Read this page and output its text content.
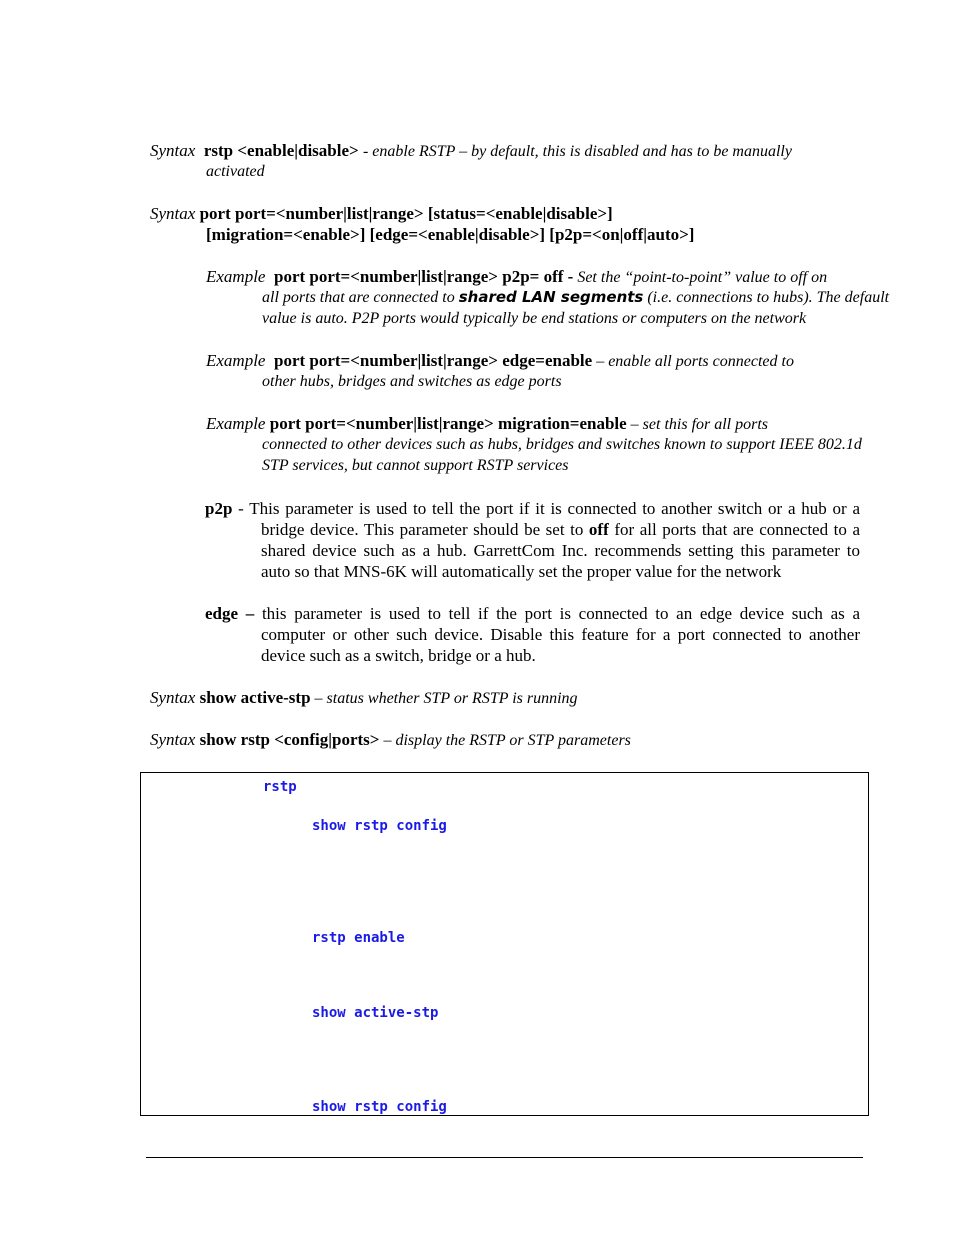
Syntax rstp <enable|disable> - enable RSTP – by default, this is disabled and has to be manually
activated
Syntax port port=<number|list|range> [status=<enable|disable>]
[migration=<enable>] [edge=<enable|disable>] [p2p=<on|off|auto>]
Example port port=<number|list|range> p2p= off - Set the “point-to-point” value to off on
all ports that are connected to shared LAN segments (i.e. connections to hubs). The default
value is auto. P2P ports would typically be end stations or computers on the network
Example port port=<number|list|range> edge=enable – enable all ports connected to
other hubs, bridges and switches as edge ports
Example port port=<number|list|range> migration=enable – set this for all ports
connected to other devices such as hubs, bridges and switches known to support IEEE 802.1d
STP services, but cannot support RSTP services
p2p - This parameter is used to tell the port if it is connected to another switch or a hub or a bridge device. This parameter should be set to off for all ports that are connected to a shared device such as a hub. GarrettCom Inc. recommends setting this parameter to auto so that MNS-6K will automatically set the proper value for the network
edge – this parameter is used to tell if the port is connected to an edge device such as a computer or other such device. Disable this feature for a port connected to another device such as a switch, bridge or a hub.
Syntax show active-stp – status whether STP or RSTP is running
Syntax show rstp <config|ports> – display the RSTP or STP parameters
rstp
show rstp config
rstp enable
show active-stp
show rstp config
